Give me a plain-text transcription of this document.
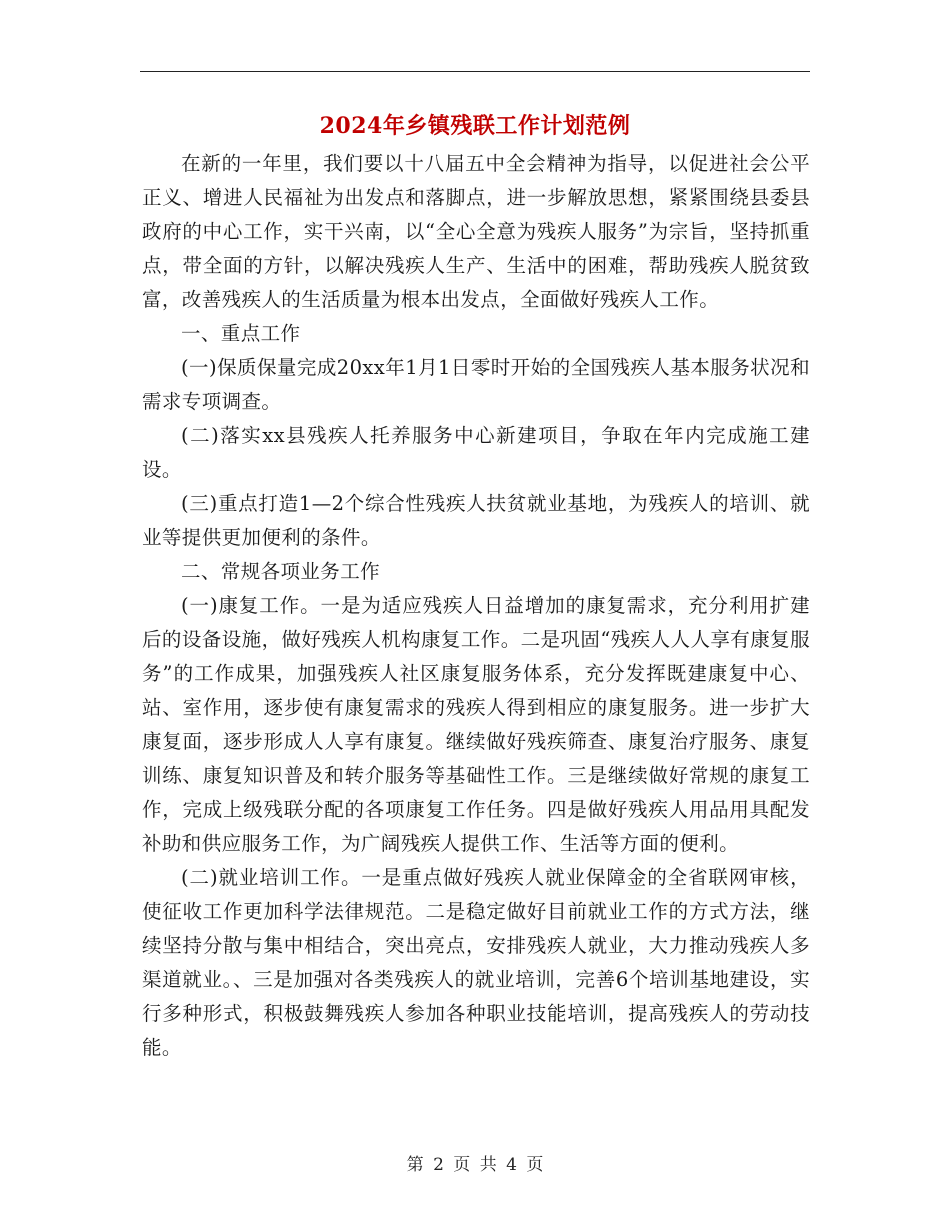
2024年乡镇残联工作计划范例

在新的一年里，我们要以十八届五中全会精神为指导，以促进社会公平正义、增进人民福祉为出发点和落脚点，进一步解放思想，紧紧围绕县委县政府的中心工作，实干兴南，以“全心全意为残疾人服务”为宗旨，坚持抓重点，带全面的方针，以解决残疾人生产、生活中的困难，帮助残疾人脱贫致富，改善残疾人的生活质量为根本出发点，全面做好残疾人工作。

一、重点工作

(一)保质保量完成20xx年1月1日零时开始的全国残疾人基本服务状况和需求专项调查。

(二)落实xx县残疾人托养服务中心新建项目，争取在年内完成施工建设。

(三)重点打造1—2个综合性残疾人扶贫就业基地，为残疾人的培训、就业等提供更加便利的条件。

二、常规各项业务工作

(一)康复工作。一是为适应残疾人日益增加的康复需求，充分利用扩建后的设备设施，做好残疾人机构康复工作。二是巩固“残疾人人人享有康复服务”的工作成果，加强残疾人社区康复服务体系，充分发挥既建康复中心、站、室作用，逐步使有康复需求的残疾人得到相应的康复服务。进一步扩大康复面，逐步形成人人享有康复。继续做好残疾筛查、康复治疗服务、康复训练、康复知识普及和转介服务等基础性工作。三是继续做好常规的康复工作，完成上级残联分配的各项康复工作任务。四是做好残疾人用品用具配发补助和供应服务工作，为广阔残疾人提供工作、生活等方面的便利。

(二)就业培训工作。一是重点做好残疾人就业保障金的全省联网审核，使征收工作更加科学法律规范。二是稳定做好目前就业工作的方式方法，继续坚持分散与集中相结合，突出亮点，安排残疾人就业，大力推动残疾人多渠道就业。、三是加强对各类残疾人的就业培训，完善6个培训基地建设，实行多种形式，积极鼓舞残疾人参加各种职业技能培训，提高残疾人的劳动技能。

第 2 页 共 4 页
